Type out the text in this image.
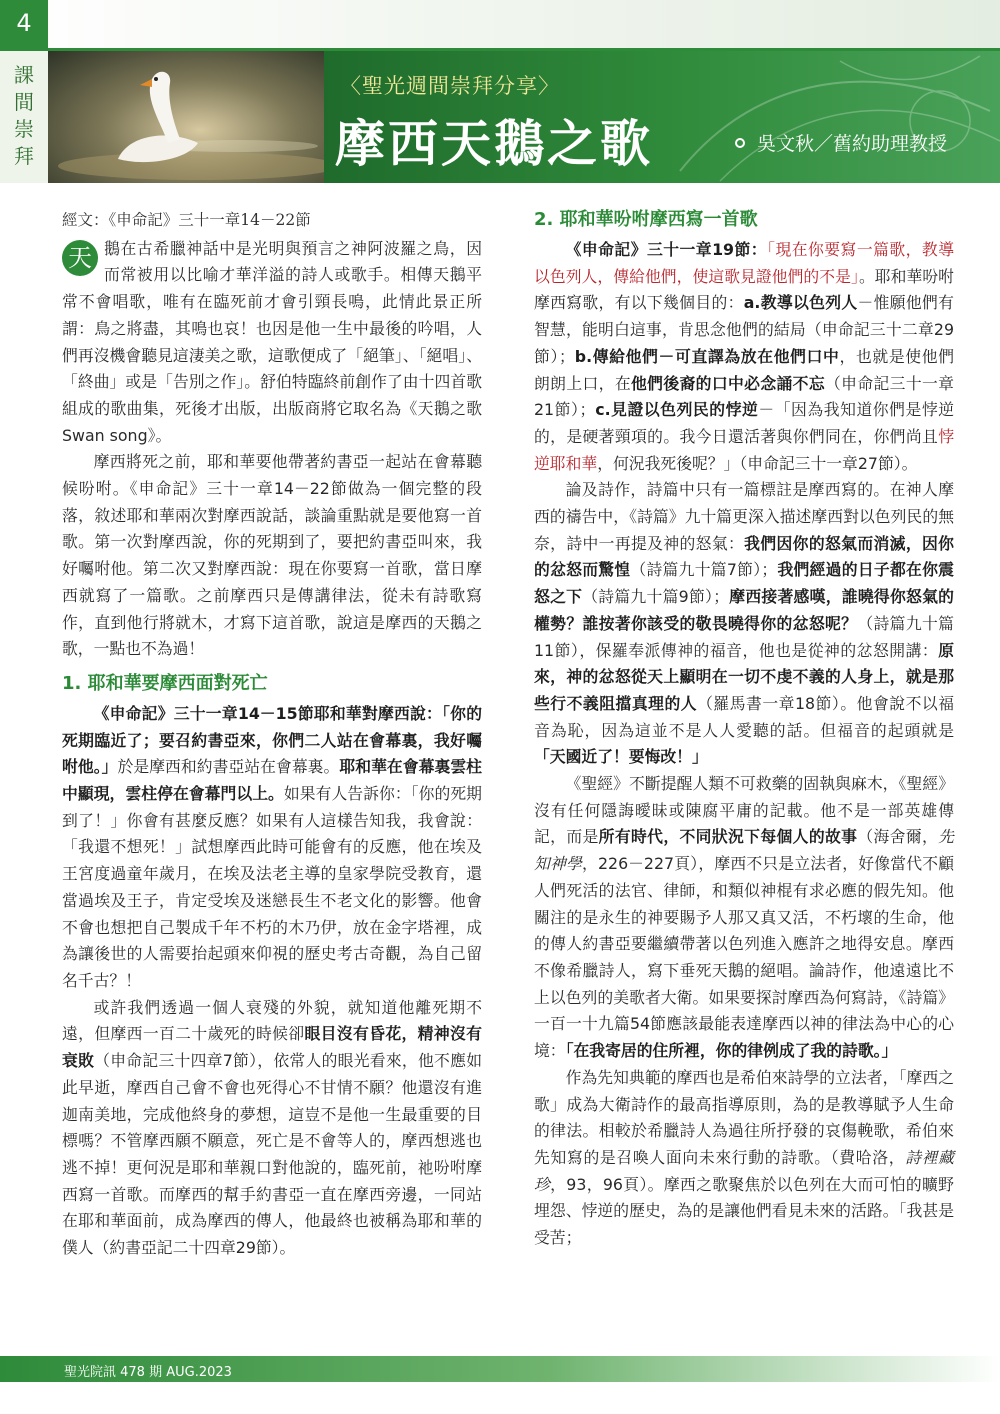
4
課
間
崇
拜
〈聖光週間崇拜分享〉
摩西天鵝之歌	吳文秋／舊約助理教授

經文：《申命記》三十一章14－22節

天 鵝在古希臘神話中是光明與預言之神阿波羅之鳥，因而常被用以比喻才華洋溢的詩人或歌手。相傳天鵝平常不會唱歌，唯有在臨死前才會引頸長鳴，此情此景正所謂：鳥之將盡，其鳴也哀！也因是他一生中最後的吟唱，人們再沒機會聽見這淒美之歌，這歌便成了「絕筆」、「絕唱」、「終曲」或是「告別之作」。舒伯特臨終前創作了由十四首歌組成的歌曲集，死後才出版，出版商將它取名為《天鵝之歌 Swan song》。

摩西將死之前，耶和華要他帶著約書亞一起站在會幕聽候吩咐。《申命記》三十一章14－22節做為一個完整的段落，敘述耶和華兩次對摩西說話，談論重點就是要他寫一首歌。第一次對摩西說，你的死期到了，要把約書亞叫來，我好囑咐他。第二次又對摩西說：現在你要寫一首歌，當日摩西就寫了一篇歌。之前摩西只是傳講律法，從未有詩歌寫作，直到他行將就木，才寫下這首歌，說這是摩西的天鵝之歌，一點也不為過！

1. 耶和華要摩西面對死亡

《申命記》三十一章14－15節耶和華對摩西說：「你的死期臨近了；要召約書亞來，你們二人站在會幕裏，我好囑咐他。」於是摩西和約書亞站在會幕裏。耶和華在會幕裏雲柱中顯現，雲柱停在會幕門以上。如果有人告訴你：「你的死期到了！」你會有甚麼反應？如果有人這樣告知我，我會說：「我還不想死！」試想摩西此時可能會有的反應，他在埃及王宮度過童年歲月，在埃及法老主導的皇家學院受教育，還當過埃及王子，肯定受埃及迷戀長生不老文化的影響。他會不會也想把自己製成千年不朽的木乃伊，放在金字塔裡，成為讓後世的人需要抬起頭來仰視的歷史考古奇觀，為自己留名千古？！

或許我們透過一個人衰殘的外貌，就知道他離死期不遠，但摩西一百二十歲死的時候卻眼目沒有昏花，精神沒有衰敗（申命記三十四章7節），依常人的眼光看來，他不應如此早逝，摩西自己會不會也死得心不甘情不願？他還沒有進迦南美地，完成他終身的夢想，這豈不是他一生最重要的目標嗎？不管摩西願不願意，死亡是不會等人的，摩西想逃也逃不掉！更何況是耶和華親口對他說的，臨死前，祂吩咐摩西寫一首歌。而摩西的幫手約書亞一直在摩西旁邊，一同站在耶和華面前，成為摩西的傳人，他最終也被稱為耶和華的僕人（約書亞記二十四章29節）。

2. 耶和華吩咐摩西寫一首歌

《申命記》三十一章19節：「現在你要寫一篇歌，教導以色列人，傳給他們，使這歌見證他們的不是」。耶和華吩咐摩西寫歌，有以下幾個目的：a.教導以色列人－惟願他們有智慧，能明白這事，肯思念他們的結局（申命記三十二章29節）；b.傳給他們－可直譯為放在他們口中，也就是使他們朗朗上口，在他們後裔的口中必念誦不忘（申命記三十一章21節）；c.見證以色列民的悖逆－「因為我知道你們是悖逆的，是硬著頸項的。我今日還活著與你們同在，你們尚且悖逆耶和華，何況我死後呢？」（申命記三十一章27節）。

論及詩作，詩篇中只有一篇標註是摩西寫的。在神人摩西的禱告中，《詩篇》九十篇更深入描述摩西對以色列民的無奈，詩中一再提及神的怒氣：我們因你的怒氣而消滅，因你的忿怒而驚惶（詩篇九十篇7節）；我們經過的日子都在你震怒之下（詩篇九十篇9節）；摩西接著感嘆，誰曉得你怒氣的權勢？誰按著你該受的敬畏曉得你的忿怒呢？（詩篇九十篇11節），保羅奉派傳神的福音，他也是從神的忿怒開講：原來，神的忿怒從天上顯明在一切不虔不義的人身上，就是那些行不義阻擋真理的人（羅馬書一章18節）。他會說不以福音為恥，因為這並不是人人愛聽的話。但福音的起頭就是「天國近了！要悔改！」

《聖經》不斷提醒人類不可救藥的固執與麻木，《聖經》沒有任何隱誨曖昧或陳腐平庸的記載。他不是一部英雄傳記，而是所有時代，不同狀況下每個人的故事（海舍爾，先知神學，226－227頁），摩西不只是立法者，好像當代不顧人們死活的法官、律師，和類似神棍有求必應的假先知。他關注的是永生的神要賜予人那又真又活，不朽壞的生命，他的傳人約書亞要繼續帶著以色列進入應許之地得安息。摩西不像希臘詩人，寫下垂死天鵝的絕唱。論詩作，他遠遠比不上以色列的美歌者大衛。如果要探討摩西為何寫詩，《詩篇》一百一十九篇54節應該最能表達摩西以神的律法為中心的心境：「在我寄居的住所裡，你的律例成了我的詩歌。」

作為先知典範的摩西也是希伯來詩學的立法者，「摩西之歌」成為大衛詩作的最高指導原則，為的是教導賦予人生命的律法。相較於希臘詩人為過往所抒發的哀傷輓歌，希伯來先知寫的是召喚人面向未來行動的詩歌。（費哈洛，詩裡藏珍，93，96頁）。摩西之歌聚焦於以色列在大而可怕的曠野埋怨、悖逆的歷史，為的是讓他們看見未來的活路。「我甚是受苦；

聖光院訊 478 期 AUG.2023
